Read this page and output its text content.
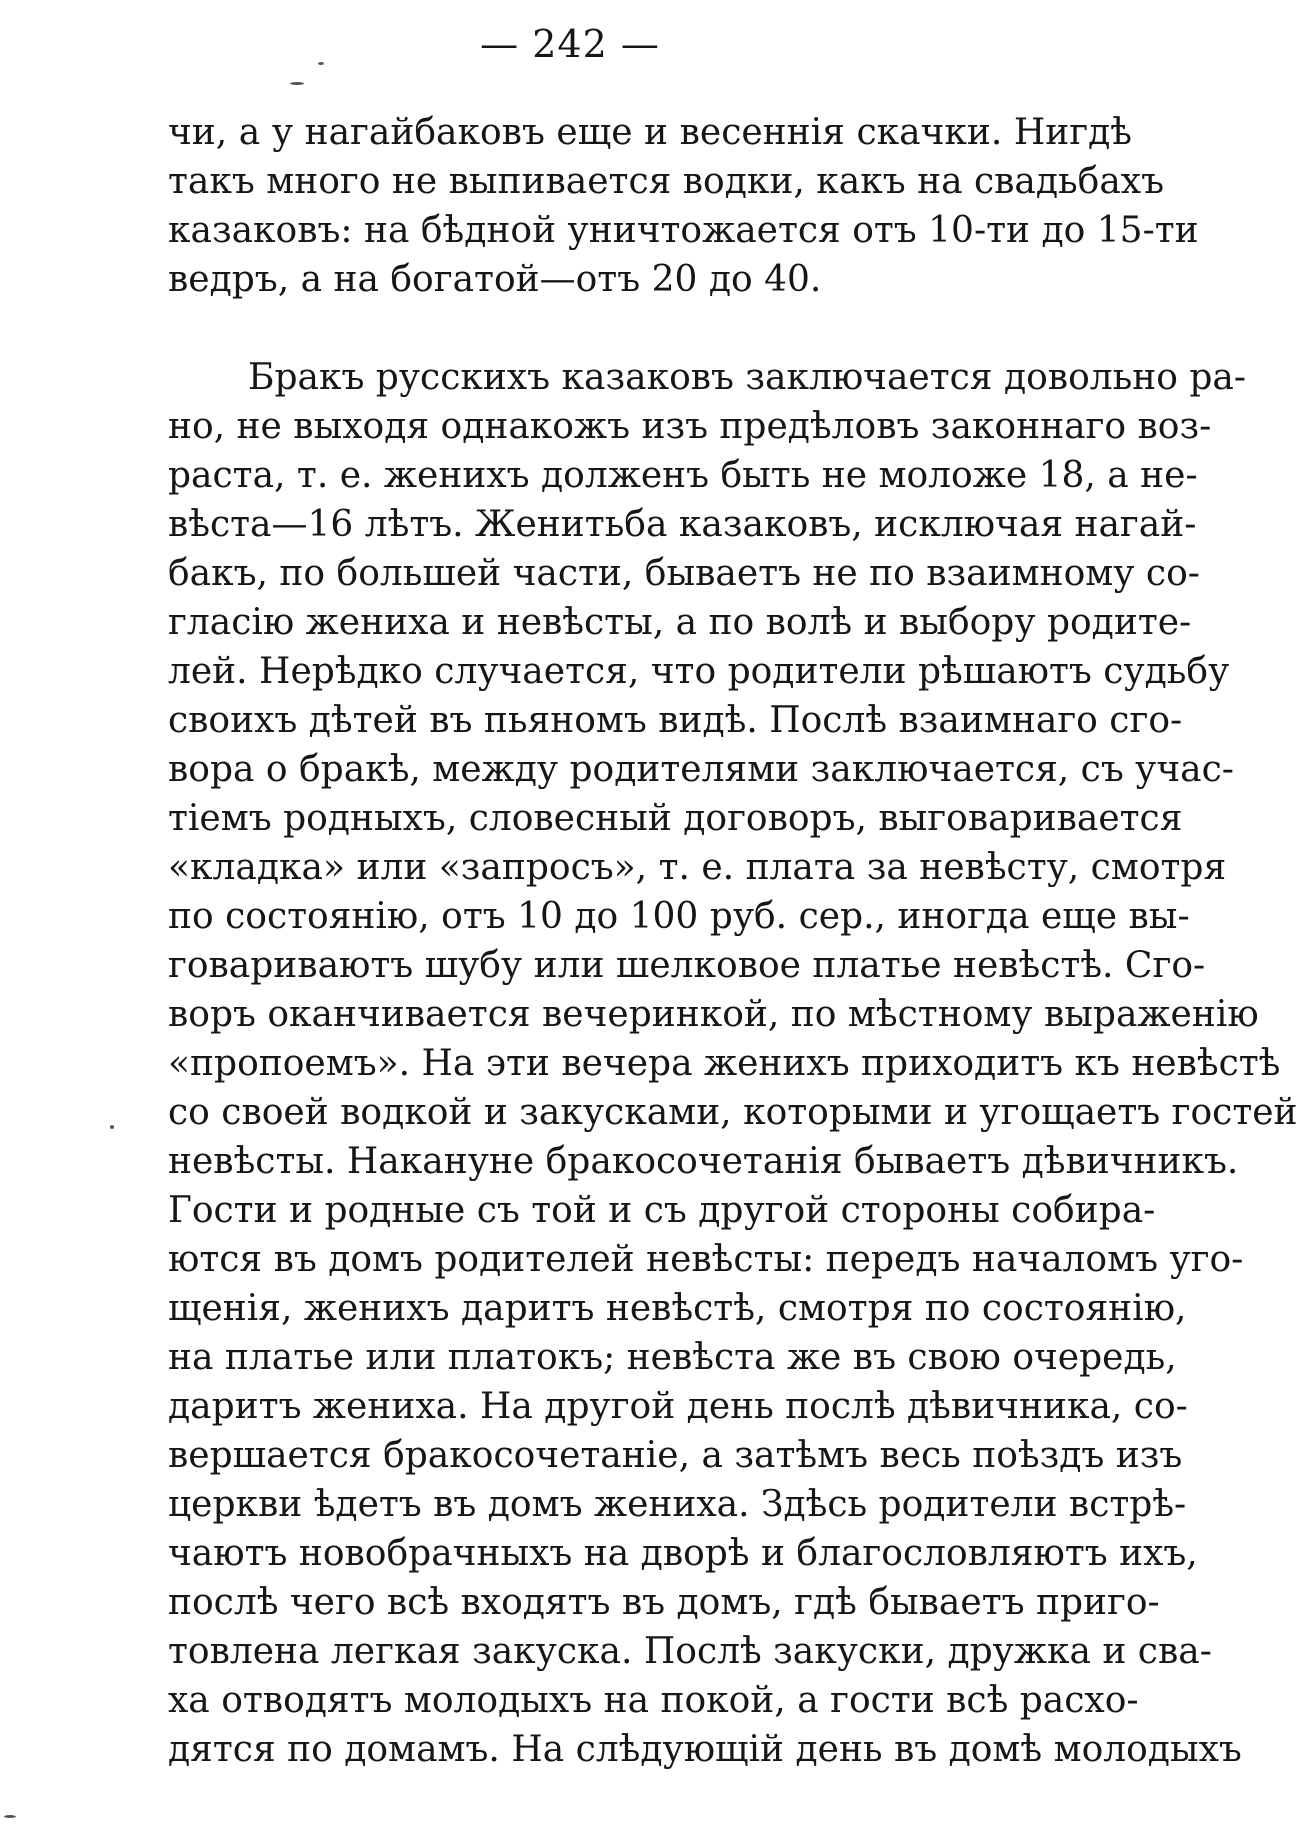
— 242 —
чи, а у нагайбаковъ еще и весеннія скачки. Нигдѣ
такъ много не выпивается водки, какъ на свадьбахъ
казаковъ: на бѣдной уничтожается отъ 10-ти до 15-ти
ведръ, а на богатой—отъ 20 до 40.
Бракъ русскихъ казаковъ заключается довольно ра-
но, не выходя однакожъ изъ предѣловъ законнаго воз-
раста, т. е. женихъ долженъ быть не моложе 18, а не-
вѣста—16 лѣтъ. Женитьба казаковъ, исключая нагай-
бакъ, по большей части, бываетъ не по взаимному со-
гласію жениха и невѣсты, а по волѣ и выбору родите-
лей. Нерѣдко случается, что родители рѣшаютъ судьбу
своихъ дѣтей въ пьяномъ видѣ. Послѣ взаимнаго сго-
вора о бракѣ, между родителями заключается, съ учас-
тіемъ родныхъ, словесный договоръ, выговаривается
«кладка» или «запросъ», т. е. плата за невѣсту, смотря
по состоянію, отъ 10 до 100 руб. сер., иногда еще вы-
говариваютъ шубу или шелковое платье невѣстѣ. Сго-
воръ оканчивается вечеринкой, по мѣстному выраженію
«пропоемъ». На эти вечера женихъ приходитъ къ невѣстѣ
со своей водкой и закусками, которыми и угощаетъ гостей
невѣсты. Накануне бракосочетанія бываетъ дѣвичникъ.
Гости и родные съ той и съ другой стороны собира-
ются въ домъ родителей невѣсты: передъ началомъ уго-
щенія, женихъ даритъ невѣстѣ, смотря по состоянію,
на платье или платокъ; невѣста же въ свою очередь,
даритъ жениха. На другой день послѣ дѣвичника, со-
вершается бракосочетаніе, а затѣмъ весь поѣздъ изъ
церкви ѣдетъ въ домъ жениха. Здѣсь родители встрѣ-
чаютъ новобрачныхъ на дворѣ и благословляютъ ихъ,
послѣ чего всѣ входятъ въ домъ, гдѣ бываетъ приго-
товлена легкая закуска. Послѣ закуски, дружка и сва-
ха отводятъ молодыхъ на покой, а гости всѣ расхо-
дятся по домамъ. На слѣдующій день въ домѣ молодыхъ
